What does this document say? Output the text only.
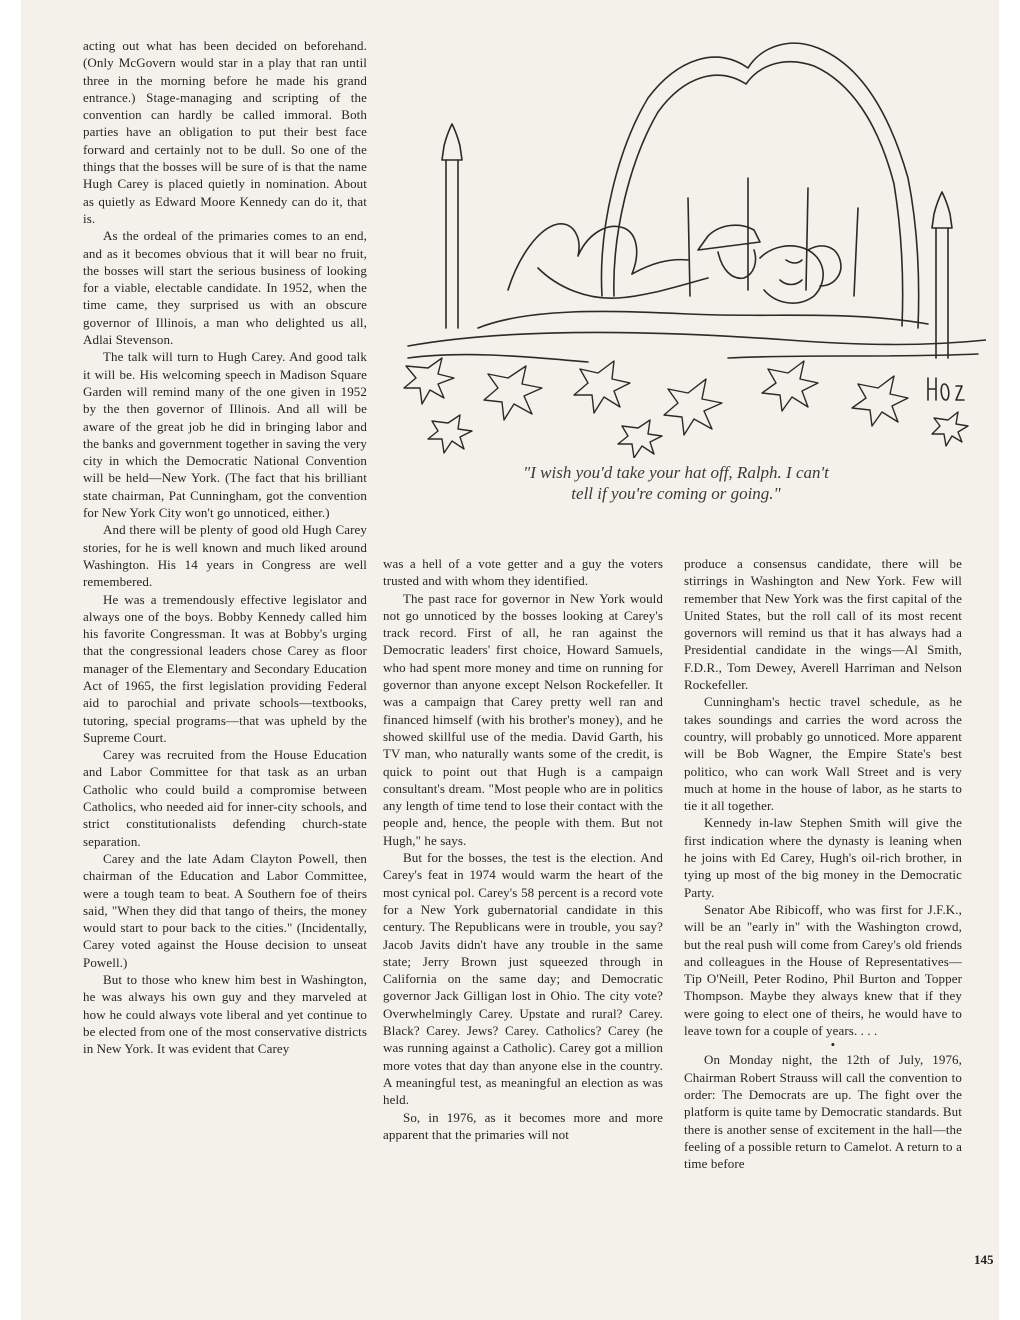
acting out what has been decided on beforehand. (Only McGovern would star in a play that ran until three in the morning before he made his grand entrance.) Stage-managing and scripting of the convention can hardly be called immoral. Both parties have an obligation to put their best face forward and certainly not to be dull. So one of the things that the bosses will be sure of is that the name Hugh Carey is placed quietly in nomination. About as quietly as Edward Moore Kennedy can do it, that is.

As the ordeal of the primaries comes to an end, and as it becomes obvious that it will bear no fruit, the bosses will start the serious business of looking for a viable, electable candidate. In 1952, when the time came, they surprised us with an obscure governor of Illinois, a man who delighted us all, Adlai Stevenson.

The talk will turn to Hugh Carey. And good talk it will be. His welcoming speech in Madison Square Garden will remind many of the one given in 1952 by the then governor of Illinois. And all will be aware of the great job he did in bringing labor and the banks and government together in saving the very city in which the Democratic National Convention will be held—New York. (The fact that his brilliant state chairman, Pat Cunningham, got the convention for New York City won't go unnoticed, either.)

And there will be plenty of good old Hugh Carey stories, for he is well known and much liked around Washington. His 14 years in Congress are well remembered.

He was a tremendously effective legislator and always one of the boys. Bobby Kennedy called him his favorite Congressman. It was at Bobby's urging that the congressional leaders chose Carey as floor manager of the Elementary and Secondary Education Act of 1965, the first legislation providing Federal aid to parochial and private schools—textbooks, tutoring, special programs—that was upheld by the Supreme Court.

Carey was recruited from the House Education and Labor Committee for that task as an urban Catholic who could build a compromise between Catholics, who needed aid for inner-city schools, and strict constitutionalists defending church-state separation.

Carey and the late Adam Clayton Powell, then chairman of the Education and Labor Committee, were a tough team to beat. A Southern foe of theirs said, "When they did that tango of theirs, the money would start to pour back to the cities." (Incidentally, Carey voted against the House decision to unseat Powell.)

But to those who knew him best in Washington, he was always his own guy and they marveled at how he could always vote liberal and yet continue to be elected from one of the most conservative districts in New York. It was evident that Carey

"I wish you'd take your hat off, Ralph. I can't
tell if you're coming or going."

was a hell of a vote getter and a guy the voters trusted and with whom they identified.

The past race for governor in New York would not go unnoticed by the bosses looking at Carey's track record. First of all, he ran against the Democratic leaders' first choice, Howard Samuels, who had spent more money and time on running for governor than anyone except Nelson Rockefeller. It was a campaign that Carey pretty well ran and financed himself (with his brother's money), and he showed skillful use of the media. David Garth, his TV man, who naturally wants some of the credit, is quick to point out that Hugh is a campaign consultant's dream. "Most people who are in politics any length of time tend to lose their contact with the people and, hence, the people with them. But not Hugh," he says.

But for the bosses, the test is the election. And Carey's feat in 1974 would warm the heart of the most cynical pol. Carey's 58 percent is a record vote for a New York gubernatorial candidate in this century. The Republicans were in trouble, you say? Jacob Javits didn't have any trouble in the same state; Jerry Brown just squeezed through in California on the same day; and Democratic governor Jack Gilligan lost in Ohio. The city vote? Overwhelmingly Carey. Upstate and rural? Carey. Black? Carey. Jews? Carey. Catholics? Carey (he was running against a Catholic). Carey got a million more votes that day than anyone else in the country. A meaningful test, as meaningful an election as was held.

So, in 1976, as it becomes more and more apparent that the primaries will not

produce a consensus candidate, there will be stirrings in Washington and New York. Few will remember that New York was the first capital of the United States, but the roll call of its most recent governors will remind us that it has always had a Presidential candidate in the wings—Al Smith, F.D.R., Tom Dewey, Averell Harriman and Nelson Rockefeller.

Cunningham's hectic travel schedule, as he takes soundings and carries the word across the country, will probably go unnoticed. More apparent will be Bob Wagner, the Empire State's best politico, who can work Wall Street and is very much at home in the house of labor, as he starts to tie it all together.

Kennedy in-law Stephen Smith will give the first indication where the dynasty is leaning when he joins with Ed Carey, Hugh's oil-rich brother, in tying up most of the big money in the Democratic Party.

Senator Abe Ribicoff, who was first for J.F.K., will be an "early in" with the Washington crowd, but the real push will come from Carey's old friends and colleagues in the House of Representatives—Tip O'Neill, Peter Rodino, Phil Burton and Topper Thompson. Maybe they always knew that if they were going to elect one of theirs, he would have to leave town for a couple of years. . . .

•

On Monday night, the 12th of July, 1976, Chairman Robert Strauss will call the convention to order: The Democrats are up. The fight over the platform is quite tame by Democratic standards. But there is another sense of excitement in the hall—the feeling of a possible return to Camelot. A return to a time before

145
